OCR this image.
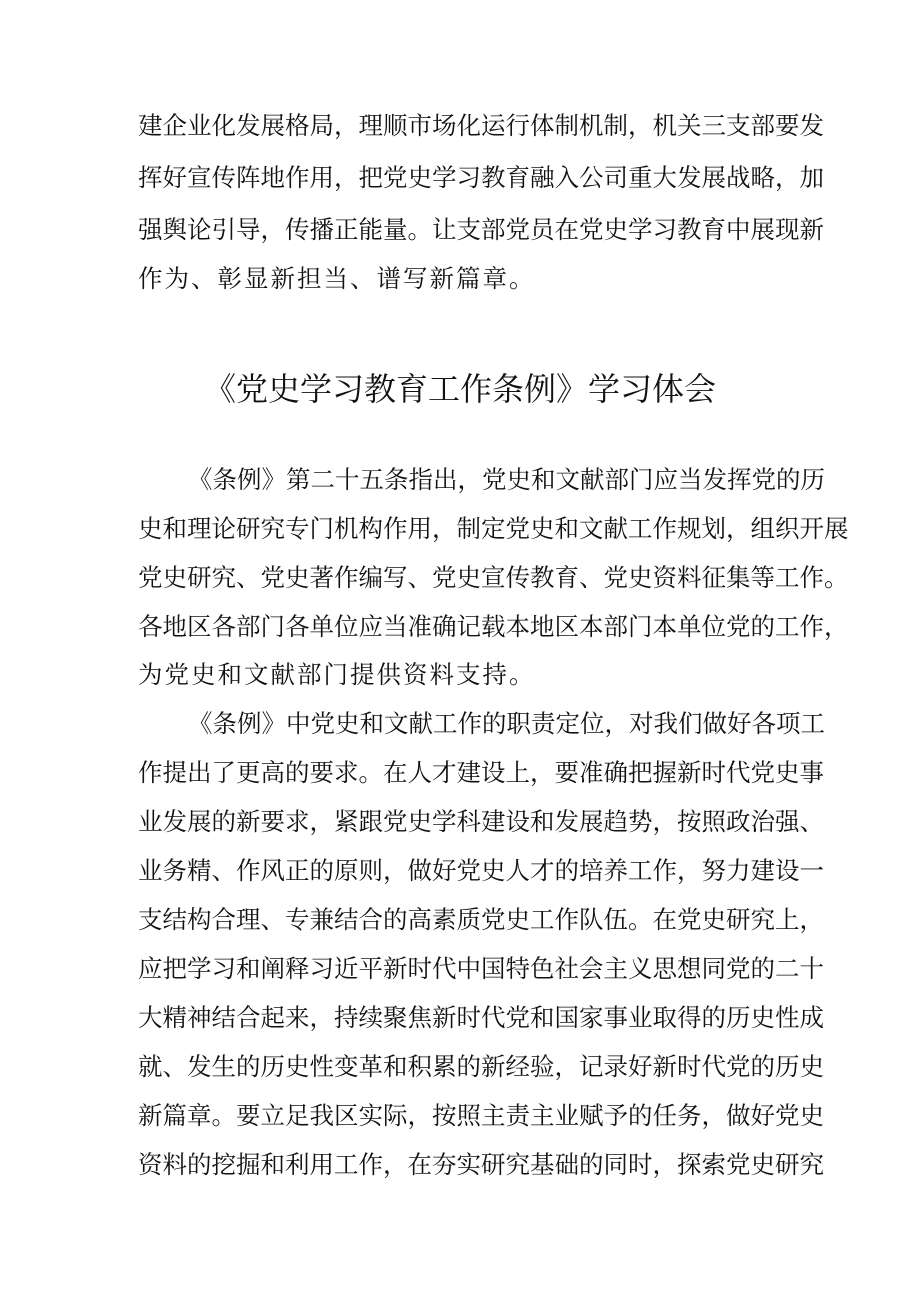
建企业化发展格局，理顺市场化运行体制机制，机关三支部要发

挥好宣传阵地作用，把党史学习教育融入公司重大发展战略，加

强舆论引导，传播正能量。让支部党员在党史学习教育中展现新

作为、彰显新担当、谱写新篇章。

《党史学习教育工作条例》学习体会

《条例》第二十五条指出，党史和文献部门应当发挥党的历

史和理论研究专门机构作用，制定党史和文献工作规划，组织开展

党史研究、党史著作编写、党史宣传教育、党史资料征集等工作。

各地区各部门各单位应当准确记载本地区本部门本单位党的工作，

为党史和文献部门提供资料支持。

《条例》中党史和文献工作的职责定位，对我们做好各项工

作提出了更高的要求。在人才建设上，要准确把握新时代党史事

业发展的新要求，紧跟党史学科建设和发展趋势，按照政治强、

业务精、作风正的原则，做好党史人才的培养工作，努力建设一

支结构合理、专兼结合的高素质党史工作队伍。在党史研究上，

应把学习和阐释习近平新时代中国特色社会主义思想同党的二十

大精神结合起来，持续聚焦新时代党和国家事业取得的历史性成

就、发生的历史性变革和积累的新经验，记录好新时代党的历史

新篇章。要立足我区实际，按照主责主业赋予的任务，做好党史

资料的挖掘和利用工作，在夯实研究基础的同时，探索党史研究
